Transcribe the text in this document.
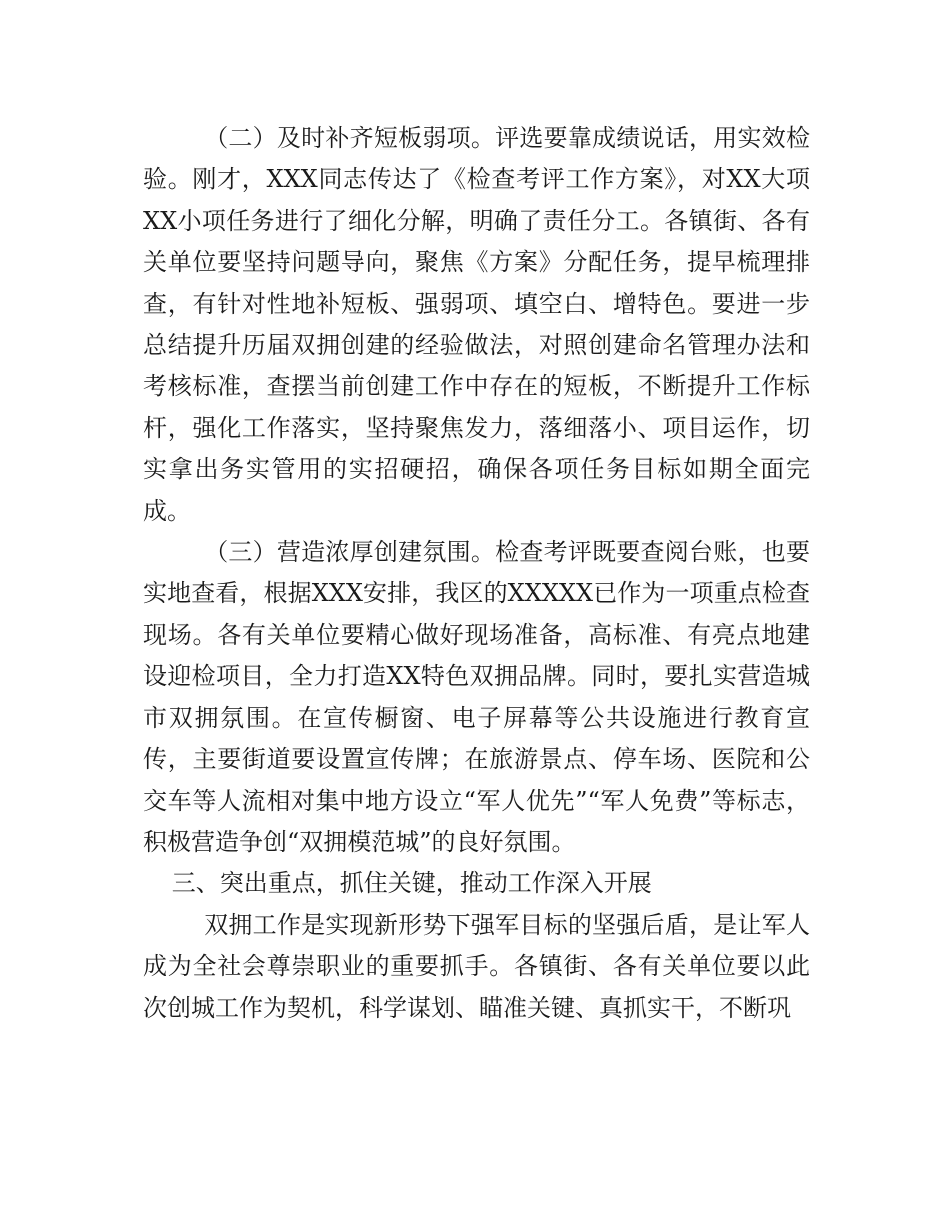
（二）及时补齐短板弱项。评选要靠成绩说话，用实效检验。刚才，XXX同志传达了《检查考评工作方案》，对XX大项XX小项任务进行了细化分解，明确了责任分工。各镇街、各有关单位要坚持问题导向，聚焦《方案》分配任务，提早梳理排查，有针对性地补短板、强弱项、填空白、增特色。要进一步总结提升历届双拥创建的经验做法，对照创建命名管理办法和考核标准，查摆当前创建工作中存在的短板，不断提升工作标杆，强化工作落实，坚持聚焦发力，落细落小、项目运作，切实拿出务实管用的实招硬招，确保各项任务目标如期全面完成。

（三）营造浓厚创建氛围。检查考评既要查阅台账，也要实地查看，根据XXX安排，我区的XXXXX已作为一项重点检查现场。各有关单位要精心做好现场准备，高标准、有亮点地建设迎检项目，全力打造XX特色双拥品牌。同时，要扎实营造城市双拥氛围。在宣传橱窗、电子屏幕等公共设施进行教育宣传，主要街道要设置宣传牌；在旅游景点、停车场、医院和公交车等人流相对集中地方设立“军人优先”“军人免费”等标志，积极营造争创“双拥模范城”的良好氛围。

三、突出重点，抓住关键，推动工作深入开展

双拥工作是实现新形势下强军目标的坚强后盾，是让军人成为全社会尊崇职业的重要抓手。各镇街、各有关单位要以此次创城工作为契机，科学谋划、瞄准关键、真抓实干，不断巩
